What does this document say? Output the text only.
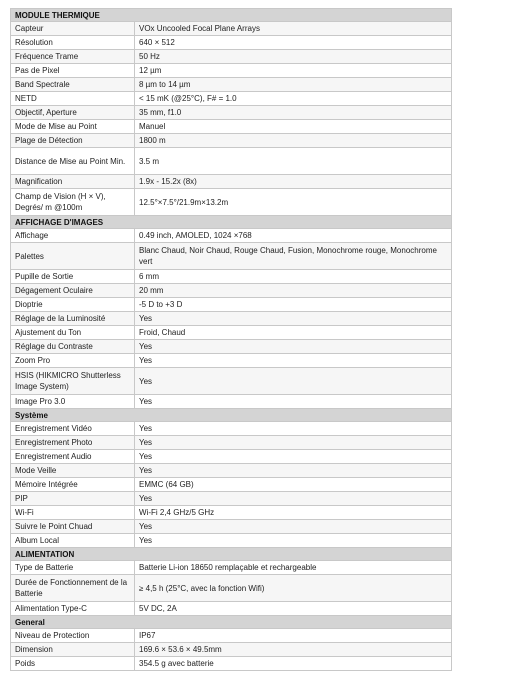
MODULE THERMIQUE	
Capteur	VOx Uncooled Focal Plane Arrays
Résolution	640 × 512
Fréquence Trame	50 Hz
Pas de Pixel	12 µm
Band Spectrale	8 µm to 14 µm
NETD	< 15 mK (@25°C), F# = 1.0
Objectif, Aperture	35 mm, f1.0
Mode de Mise au Point	Manuel
Plage de Détection	1800 m
Distance de Mise au Point Min.	3.5 m
Magnification	1.9x - 15.2x (8x)
Champ de Vision (H × V), Degrés/ m @100m	12.5°×7.5°/21.9m×13.2m
AFFICHAGE D'IMAGES	
Affichage	0.49 inch, AMOLED, 1024 ×768
Palettes	Blanc Chaud, Noir Chaud, Rouge Chaud, Fusion, Monochrome rouge, Monochrome vert
Pupille de Sortie	6 mm
Dégagement Oculaire	20 mm
Dioptrie	-5 D to +3 D
Réglage de la Luminosité	Yes
Ajustement du Ton	Froid, Chaud
Réglage du Contraste	Yes
Zoom Pro	Yes
HSIS (HIKMICRO Shutterless Image System)	Yes
Image Pro 3.0	Yes
Système	
Enregistrement Vidéo	Yes
Enregistrement Photo	Yes
Enregistrement Audio	Yes
Mode Veille	Yes
Mémoire Intégrée	EMMC (64 GB)
PIP	Yes
Wi-Fi	Wi-Fi 2,4 GHz/5 GHz
Suivre le Point Chuad	Yes
Album Local	Yes
ALIMENTATION	
Type de Batterie	Batterie Li-ion 18650 remplaçable et rechargeable
Durée de Fonctionnement de la Batterie	≥ 4,5 h (25°C, avec la fonction Wifi)
Alimentation Type-C	5V DC, 2A
General	
Niveau de Protection	IP67
Dimension	169.6 × 53.6 × 49.5mm
Poids	354.5 g avec batterie
